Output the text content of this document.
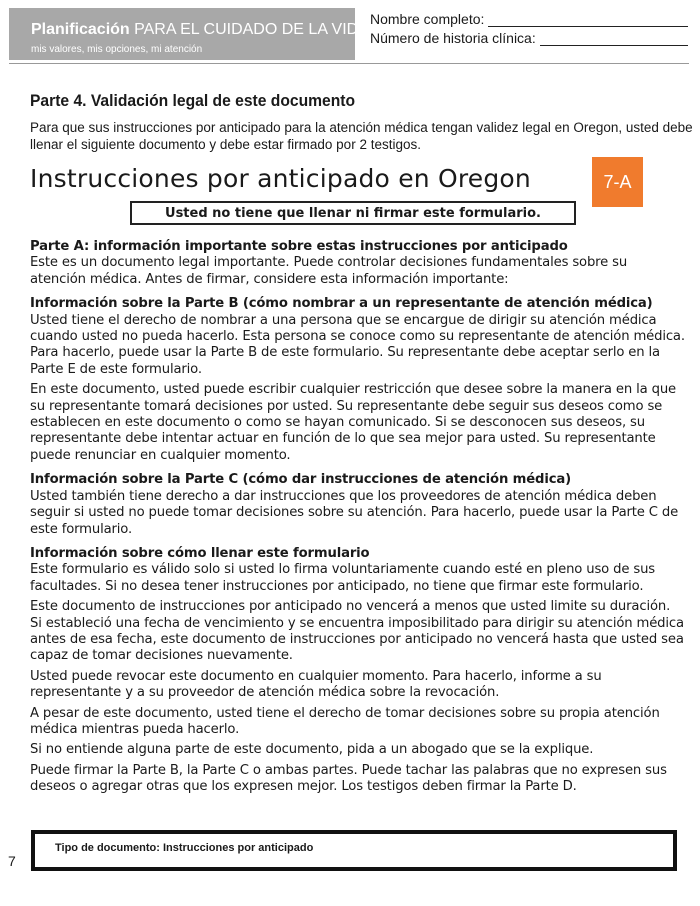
Planificación PARA EL CUIDADO DE LA VIDA
mis valores, mis opciones, mi atención
Nombre completo:
Número de historia clínica:
Parte 4. Validación legal de este documento
Para que sus instrucciones por anticipado para la atención médica tengan validez legal en Oregon, usted debe llenar el siguiente documento y debe estar firmado por 2 testigos.
Instrucciones por anticipado en Oregon	7-A
Usted no tiene que llenar ni firmar este formulario.
Parte A: información importante sobre estas instrucciones por anticipado

Este es un documento legal importante. Puede controlar decisiones fundamentales sobre su atención médica. Antes de firmar, considere esta información importante:

Información sobre la Parte B (cómo nombrar a un representante de atención médica)

Usted tiene el derecho de nombrar a una persona que se encargue de dirigir su atención médica cuando usted no pueda hacerlo. Esta persona se conoce como su representante de atención médica. Para hacerlo, puede usar la Parte B de este formulario. Su representante debe aceptar serlo en la Parte E de este formulario.

En este documento, usted puede escribir cualquier restricción que desee sobre la manera en la que su representante tomará decisiones por usted. Su representante debe seguir sus deseos como se establecen en este documento o como se hayan comunicado. Si se desconocen sus deseos, su representante debe intentar actuar en función de lo que sea mejor para usted. Su representante puede renunciar en cualquier momento.

Información sobre la Parte C (cómo dar instrucciones de atención médica)

Usted también tiene derecho a dar instrucciones que los proveedores de atención médica deben seguir si usted no puede tomar decisiones sobre su atención. Para hacerlo, puede usar la Parte C de este formulario.

Información sobre cómo llenar este formulario

Este formulario es válido solo si usted lo firma voluntariamente cuando esté en pleno uso de sus facultades. Si no desea tener instrucciones por anticipado, no tiene que firmar este formulario.

Este documento de instrucciones por anticipado no vencerá a menos que usted limite su duración. Si estableció una fecha de vencimiento y se encuentra imposibilitado para dirigir su atención médica antes de esa fecha, este documento de instrucciones por anticipado no vencerá hasta que usted sea capaz de tomar decisiones nuevamente.

Usted puede revocar este documento en cualquier momento. Para hacerlo, informe a su representante y a su proveedor de atención médica sobre la revocación.

A pesar de este documento, usted tiene el derecho de tomar decisiones sobre su propia atención médica mientras pueda hacerlo.

Si no entiende alguna parte de este documento, pida a un abogado que se la explique.

Puede firmar la Parte B, la Parte C o ambas partes. Puede tachar las palabras que no expresen sus deseos o agregar otras que los expresen mejor. Los testigos deben firmar la Parte D.

7
Tipo de documento: Instrucciones por anticipado
